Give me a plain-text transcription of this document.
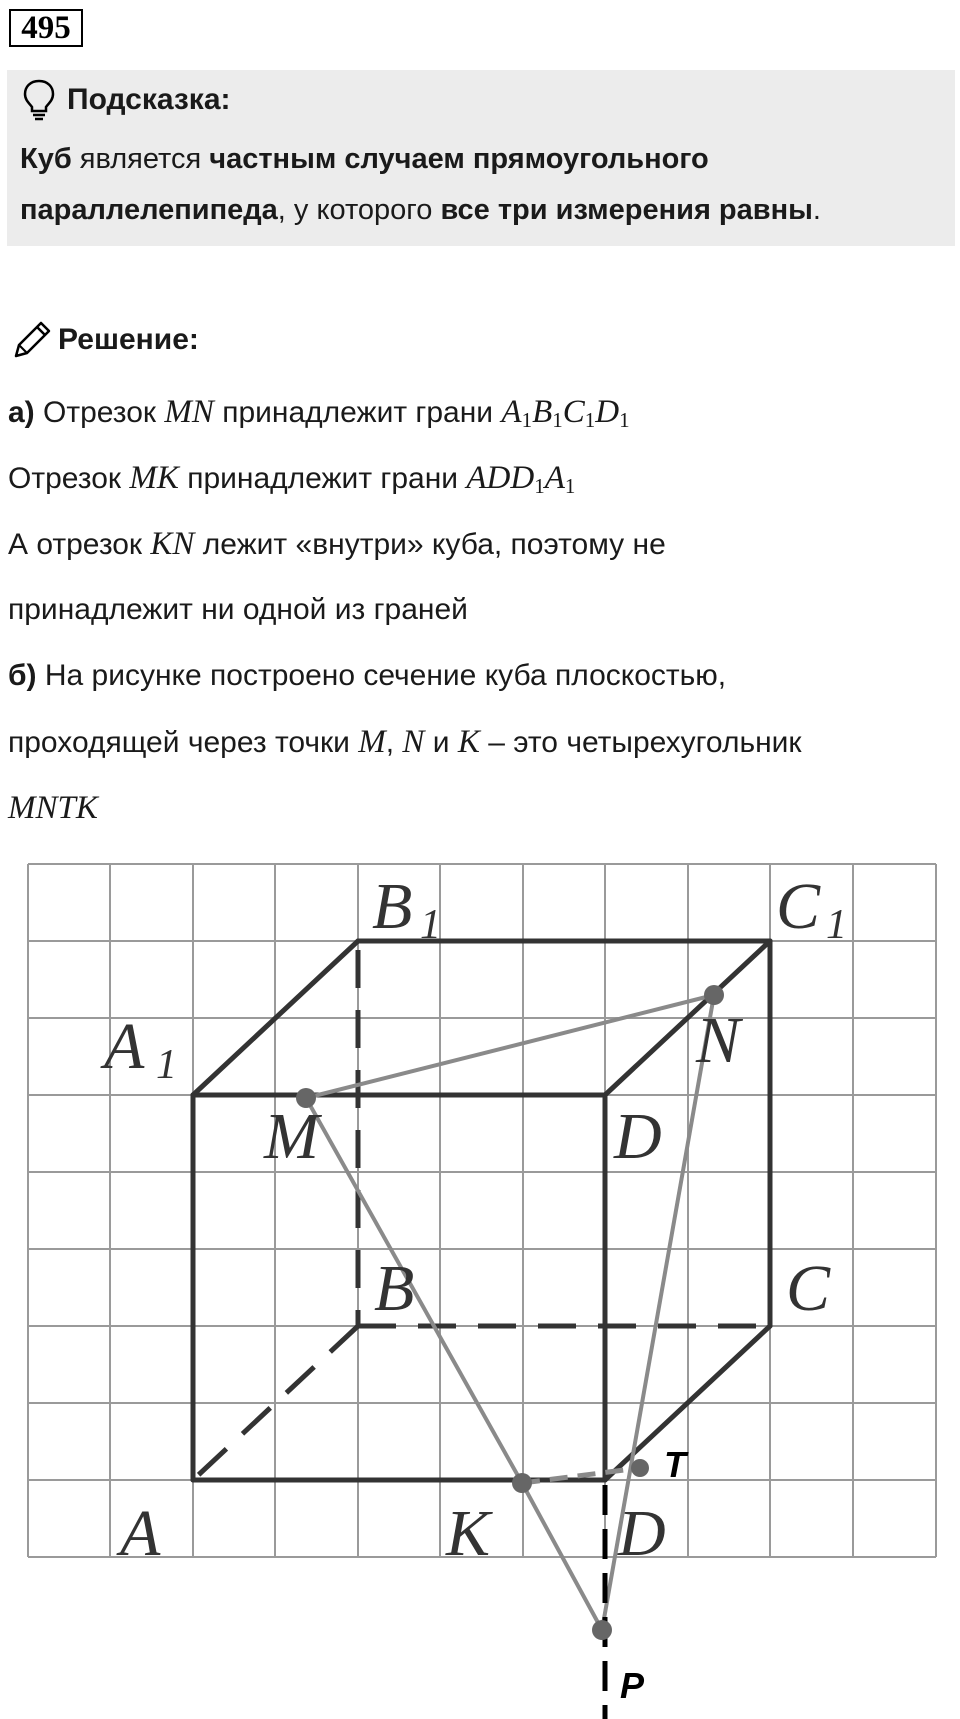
495
Подсказка:
Куб является частным случаем прямоугольного параллелепипеда, у которого все три измерения равны.
Решение:
а) Отрезок MN принадлежит грани $A_1B_1C_1D_1$
Отрезок MK принадлежит грани $ADD_1A_1$
А отрезок KN лежит «внутри» куба, поэтому не
принадлежит ни одной из граней
б) На рисунке построено сечение куба плоскостью,
проходящей через точки M, N и K – это четырехугольник
MNTK
B 1	C 1
A 1	N
M	D
B	C
T
A	K D
P
